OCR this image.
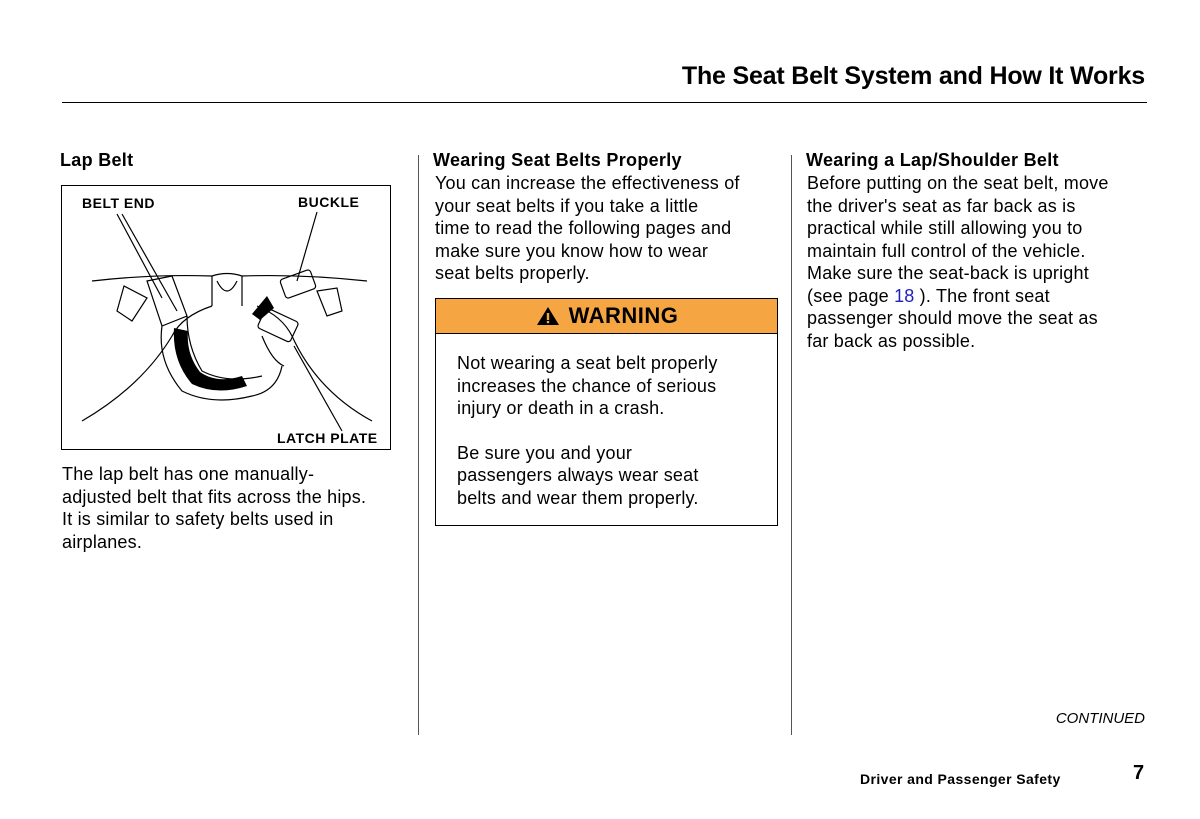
The Seat Belt System and How It Works
Lap Belt
BELT END	BUCKLE
LATCH PLATE

The lap belt has one manually-

adjusted belt that fits across the hips.

It is similar to safety belts used in

airplanes.

Wearing Seat Belts Properly

You can increase the effectiveness of

your seat belts if you take a little

time to read the following pages and

make sure you know how to wear

seat belts properly.

WARNING

Not wearing a seat belt properly
increases the chance of serious
injury or death in a crash.

Be sure you and your
passengers always wear seat
belts and wear them properly.

Wearing a Lap/Shoulder Belt

Before putting on the seat belt, move

the driver's seat as far back as is

practical while still allowing you to

maintain full control of the vehicle.

Make sure the seat-back is upright

(see page 18 ). The front seat

passenger should move the seat as

far back as possible.

CONTINUED
Driver and Passenger Safety	7
